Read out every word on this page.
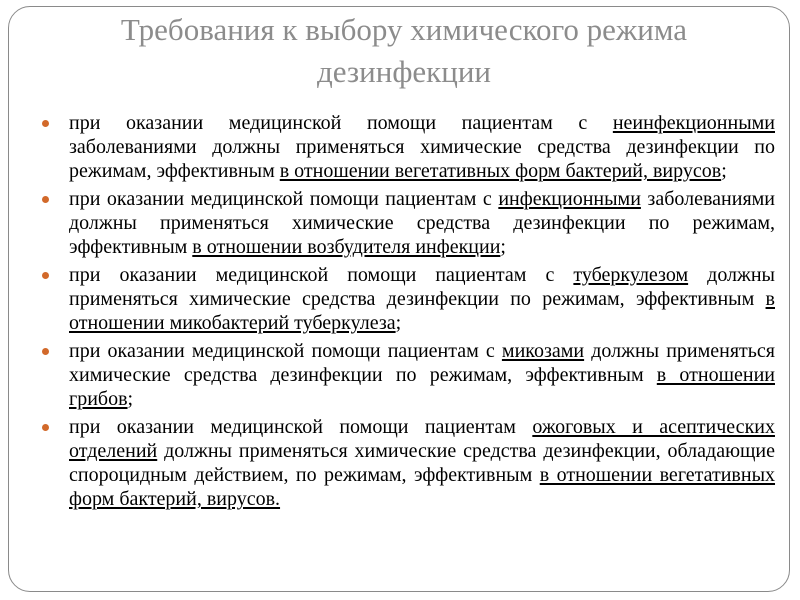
Требования к выбору химического режима дезинфекции
при оказании медицинской помощи пациентам с неинфекционными заболеваниями должны применяться химические средства дезинфекции по режимам, эффективным в отношении вегетативных форм бактерий, вирусов;
при оказании медицинской помощи пациентам с инфекционными заболеваниями должны применяться химические средства дезинфекции по режимам, эффективным в отношении возбудителя инфекции;
при оказании медицинской помощи пациентам с туберкулезом должны применяться химические средства дезинфекции по режимам, эффективным в отношении микобактерий туберкулеза;
при оказании медицинской помощи пациентам с микозами должны применяться химические средства дезинфекции по режимам, эффективным в отношении грибов;
при оказании медицинской помощи пациентам ожоговых и асептических отделений должны применяться химические средства дезинфекции, обладающие спороцидным действием, по режимам, эффективным в отношении вегетативных форм бактерий, вирусов.
